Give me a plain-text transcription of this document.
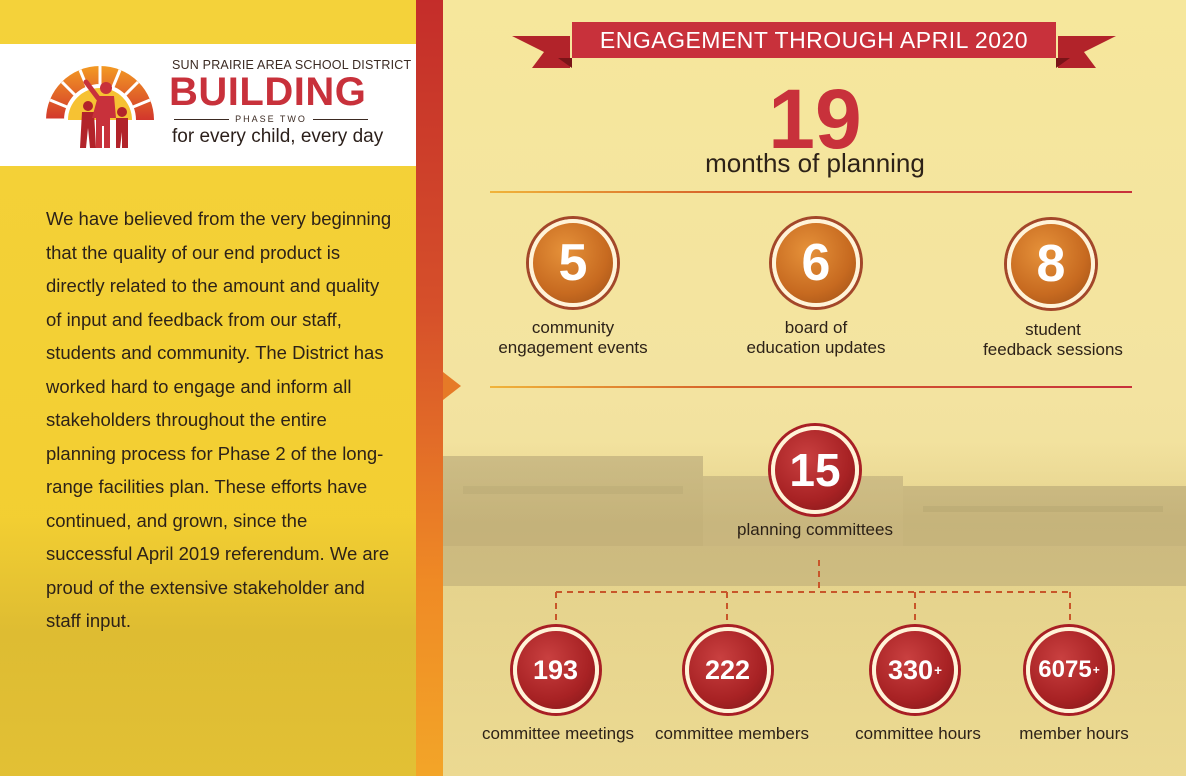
SUN PRAIRIE AREA SCHOOL DISTRICT
BUILDING
PHASE TWO
for every child, every day
We have believed from the very beginning that the quality of our end product is directly related to the amount and quality of input and feedback from our staff, students and community. The District has worked hard to engage and inform all stakeholders throughout the entire planning process for Phase 2 of the long-range facilities plan. These efforts have continued, and grown, since the successful April 2019 referendum. We are proud of the extensive stakeholder and staff input.
ENGAGEMENT THROUGH APRIL 2020
19
months of planning
5
community
engagement events
6
board of
education updates
8
student
feedback sessions
15
planning committees
193
committee meetings
222
committee members
330 +
committee hours
6075 +
member hours
